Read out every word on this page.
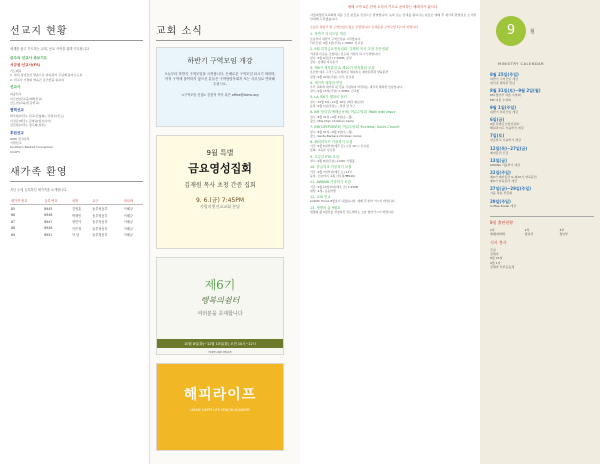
선교지 현황
세계를 품고 기도하는 교회, 선교 사역을 위해 기도합니다
금주의 선교사 중보기도
서규원 선교사(FS)
기도제목
1. 현지 청년들이 말씀으로 양육되어 주님께 돌아오도록
2. 선교사 가정의 영육간 강건함을 위하여
선교사
파송선교
이두연(선교중/대학선교)
신도연(교육/한글학교)
협력선교
박주현(미주), 전교(김창희), 강명수(인도)
이성균(태국), 김영남(캄보디아)
김민철(미국), 정두희(일본)
후원선교
GMU 선교본부
기관선교
Southern Baptist Convention
CCAFV
새가족 환영
지난 주에 등록하신 새가족을 소개합니다.
새가족 번호	등록 번호	성명	교구	비나바
85	8945	김영훈	동부성동부	이혜규
86	8946	박재민	동부성동부	이혜규
87	8947	정민아	동부성동부	이혜규
88	8948	이은정	동부성동부	이혜규
89	8952	이 남	동부성동부	이혜규
교회 소식
하반기 구역모임 개강
오늘부터 하반기 구역모임을 시작합니다. 은혜로운 구역모임 되시기 바라며, 아직 구역에 참여하지 않으신 분들은 구역담당목회자 또는 사무실로 연락해 주십시오.
<구역모임 신청> 김현석 목사 혹은 office@lolmc.org
9월 특별
금요영성집회
김재원 목사 초청 간증 집회
9. 6.(금) 7:45PM
사랑의빛선교교회 본당
제6기
행복의쉼터
여러분을 초대합니다
10월 8일(화)~12월 10일(화) 오전 10시~12시
HOPE AND PEACE
해피라이프
LOLMC HAPPY LIFE SENIOR ACADEMY
예배 시작 5분 전에 오셔서 기도로 준비하는 예배자가 됩시다.
사랑의빛선교교회에 처음 오신 분들을 진심으로 환영합니다. 등록 또는 안내를 원하시는 분들은 예배 후 새가족 환영실로 오시면 안내해 드리겠습니다.
오늘은 하반기 첫 구역모임이 있는 주일입니다. 은혜로운 구역모임 되시기 바랍니다.
1. 하반기 리더모임 개강
오늘부터 하반기 구역모임을 시작합니다.
리더모임: 9월 1일(주일) 1:30PM, 친교실
2. 9월 특별금요영성집회 '김재원 목사 초청 간증집회'
가족과 이웃을 초청하는 전도의 기회가 되시기 바랍니다.
일시: 9월 6일(금) 7:45PM, 본당
강사: 김재원 아나운서
3. 제9기 제자훈련 & 제10기 양육훈련 모집
온전한 예수 그리스도의 제자로 세워지는 제자훈련과 양육훈련
일정: 9월 22일(주일) 시작, 친교실
4. 새가족 행복한 만남
우리 교회에 새가족 된 것을 기념하여 마련하는 새가족 행복한 만남입니다.
일시: 9월 15일(주일) 1:30PM, 친교실
5. LA 제6기 행복의 쉼터
일시: 10월 8일~12월 10일 (매주 화요일)
등록: 9월 1일(주일)~, 본당 앞 부스
6. KM 청년부(예배공동체) 여름수양회 'Walk with Jesus'
일시: 8월 31일~9월 2일(토~월)
장소: Mile High Christian Camp
7. EM(LIFEPOINTE) 여름수양회 'Ecclesia, God's Church'
일시: 8월 31일~9월 2일(토~월)
장소: Santa Barbara Christian Camp
8. 해피라이프 가을학기 모집
기간: 9월 6일부터(매주 금) 오전 10시, 친교실
문의: 교육부 사무실
9. 초등부 PTA 모임
일시: 9월 8일(주일) 11AM, 기쁨홀
10. 한글학교 가을학기 모집
기간: 9월 7일부터(매주 토) 13주
등록: 오늘까지 교회 사무실(₩240)
11. AWANA 가을학기 모집
기간: 9월 13일부터(매주 금) 7:45PM
대상: 4세~초등학생
12. 교회 선교
LOLMC Times 8월호가 나왔습니다. 예배 후 받아 가시기 바랍니다.
13. 생명의 삶 9월호
생명의 삶 9월호를 신청하신 성도께서는 오늘 찾아가시기 바랍니다.
9	월
MINISTRY CALENDAR
8월 25일(주일)
하반기 구역모임 개강
새가족 행복한 만남
8월 31일(토)~9월 2일(월)
KM 청년부 여름 수양회
EM 여름 수양회
9월 1일(주일)
하반기 리더모임 개강
6일(금)
9월 특별금요영성집회
해피라이프 가을학기 개강
7일(토)
한글학교 가을학기 개강
12일(목)~27일(금)
제자훈련 모집
13일(금)
AWANA 가을학기 개강
22일(주일)
제9기 제자훈련 & 제10기 양육훈련
제9기 양육훈련 개강
27일(금)~29일(주일)
가을 말씀 부흥회
29일(주일)
Coffee Break 개강
8월 출판현황
1부	2부	3부
예배/세계부	청년부	청년부
식사 봉사
주일
전체자
8월 25일
9월 1일
전체자 부부공동체
